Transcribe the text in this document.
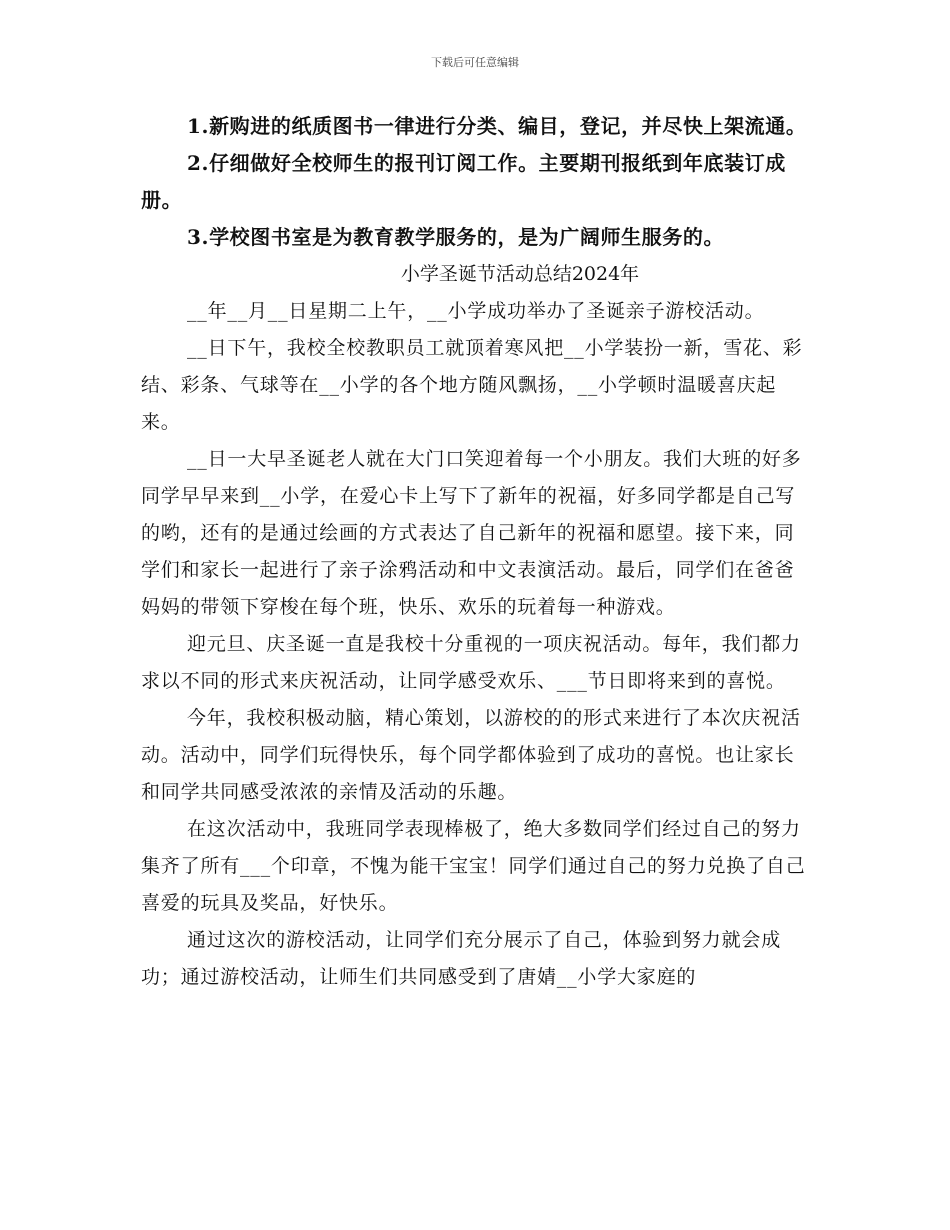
下载后可任意编辑

1.新购进的纸质图书一律进行分类、编目，登记，并尽快上架流通。

2.仔细做好全校师生的报刊订阅工作。主要期刊报纸到年底装订成册。

3.学校图书室是为教育教学服务的，是为广阔师生服务的。

小学圣诞节活动总结2024年

__年__月__日星期二上午，__小学成功举办了圣诞亲子游校活动。

__日下午，我校全校教职员工就顶着寒风把__小学装扮一新，雪花、彩结、彩条、气球等在__小学的各个地方随风飘扬，__小学顿时温暖喜庆起来。

__日一大早圣诞老人就在大门口笑迎着每一个小朋友。我们大班的好多同学早早来到__小学，在爱心卡上写下了新年的祝福，好多同学都是自己写的哟，还有的是通过绘画的方式表达了自己新年的祝福和愿望。接下来，同学们和家长一起进行了亲子涂鸦活动和中文表演活动。最后，同学们在爸爸妈妈的带领下穿梭在每个班，快乐、欢乐的玩着每一种游戏。

迎元旦、庆圣诞一直是我校十分重视的一项庆祝活动。每年，我们都力求以不同的形式来庆祝活动，让同学感受欢乐、___节日即将来到的喜悦。

今年，我校积极动脑，精心策划，以游校的的形式来进行了本次庆祝活动。活动中，同学们玩得快乐，每个同学都体验到了成功的喜悦。也让家长和同学共同感受浓浓的亲情及活动的乐趣。

在这次活动中，我班同学表现棒极了，绝大多数同学们经过自己的努力集齐了所有___个印章，不愧为能干宝宝！同学们通过自己的努力兑换了自己喜爱的玩具及奖品，好快乐。

通过这次的游校活动，让同学们充分展示了自己，体验到努力就会成功；通过游校活动，让师生们共同感受到了唐婧__小学大家庭的
